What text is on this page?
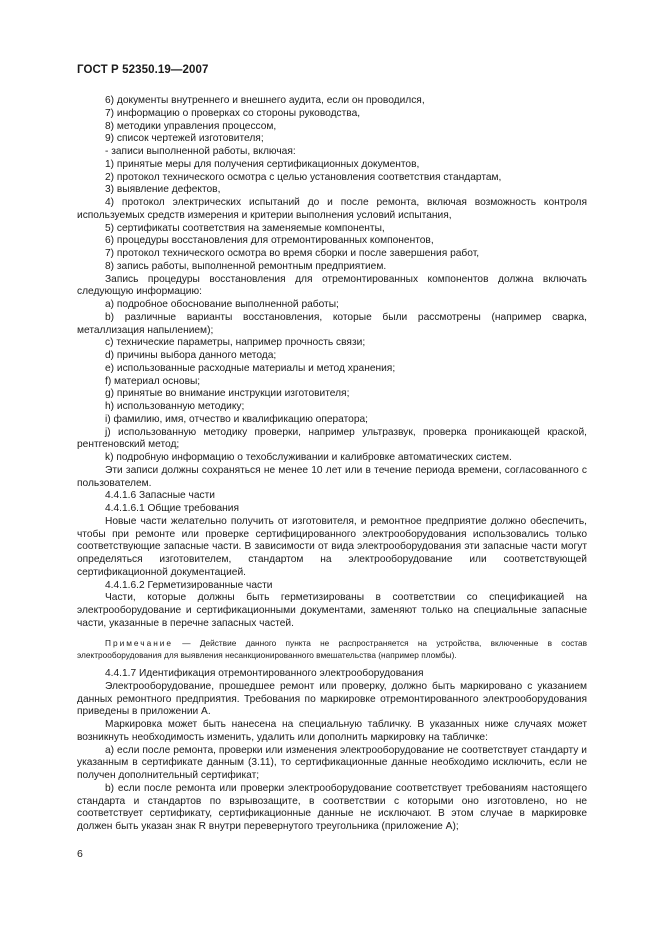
ГОСТ Р 52350.19—2007

6) документы внутреннего и внешнего аудита, если он проводился,

7) информацию о проверках со стороны руководства,

8) методики управления процессом,

9) список чертежей изготовителя;

- записи выполненной работы, включая:

1) принятые меры для получения сертификационных документов,

2) протокол технического осмотра с целью установления соответствия стандартам,

3) выявление дефектов,

4) протокол электрических испытаний до и после ремонта, включая возможность контроля используемых средств измерения и критерии выполнения условий испытания,

5) сертификаты соответствия на заменяемые компоненты,

6) процедуры восстановления для отремонтированных компонентов,

7) протокол технического осмотра во время сборки и после завершения работ,

8) запись работы, выполненной ремонтным предприятием.

Запись процедуры восстановления для отремонтированных компонентов должна включать следующую информацию:

a) подробное обоснование выполненной работы;

b) различные варианты восстановления, которые были рассмотрены (например сварка, металлизация напылением);

c) технические параметры, например прочность связи;

d) причины выбора данного метода;

e) использованные расходные материалы и метод хранения;

f) материал основы;

g) принятые во внимание инструкции изготовителя;

h) использованную методику;

i) фамилию, имя, отчество и квалификацию оператора;

j) использованную методику проверки, например ультразвук, проверка проникающей краской, рентгеновский метод;

k) подробную информацию о техобслуживании и калибровке автоматических систем.

Эти записи должны сохраняться не менее 10 лет или в течение периода времени, согласованного с пользователем.

4.4.1.6 Запасные части

4.4.1.6.1 Общие требования

Новые части желательно получить от изготовителя, и ремонтное предприятие должно обеспечить, чтобы при ремонте или проверке сертифицированного электрооборудования использовались только соответствующие запасные части. В зависимости от вида электрооборудования эти запасные части могут определяться изготовителем, стандартом на электрооборудование или соответствующей сертификационной документацией.

4.4.1.6.2 Герметизированные части

Части, которые должны быть герметизированы в соответствии со спецификацией на электрооборудование и сертификационными документами, заменяют только на специальные запасные части, указанные в перечне запасных частей.

Примечание — Действие данного пункта не распространяется на устройства, включенные в состав электрооборудования для выявления несанкционированного вмешательства (например пломбы).

4.4.1.7 Идентификация отремонтированного электрооборудования

Электрооборудование, прошедшее ремонт или проверку, должно быть маркировано с указанием данных ремонтного предприятия. Требования по маркировке отремонтированного электрооборудования приведены в приложении А.

Маркировка может быть нанесена на специальную табличку. В указанных ниже случаях может возникнуть необходимость изменить, удалить или дополнить маркировку на табличке:

a) если после ремонта, проверки или изменения электрооборудование не соответствует стандарту и указанным в сертификате данным (3.11), то сертификационные данные необходимо исключить, если не получен дополнительный сертификат;

b) если после ремонта или проверки электрооборудование соответствует требованиям настоящего стандарта и стандартов по взрывозащите, в соответствии с которыми оно изготовлено, но не соответствует сертификату, сертификационные данные не исключают. В этом случае в маркировке должен быть указан знак R внутри перевернутого треугольника (приложение А);

6
